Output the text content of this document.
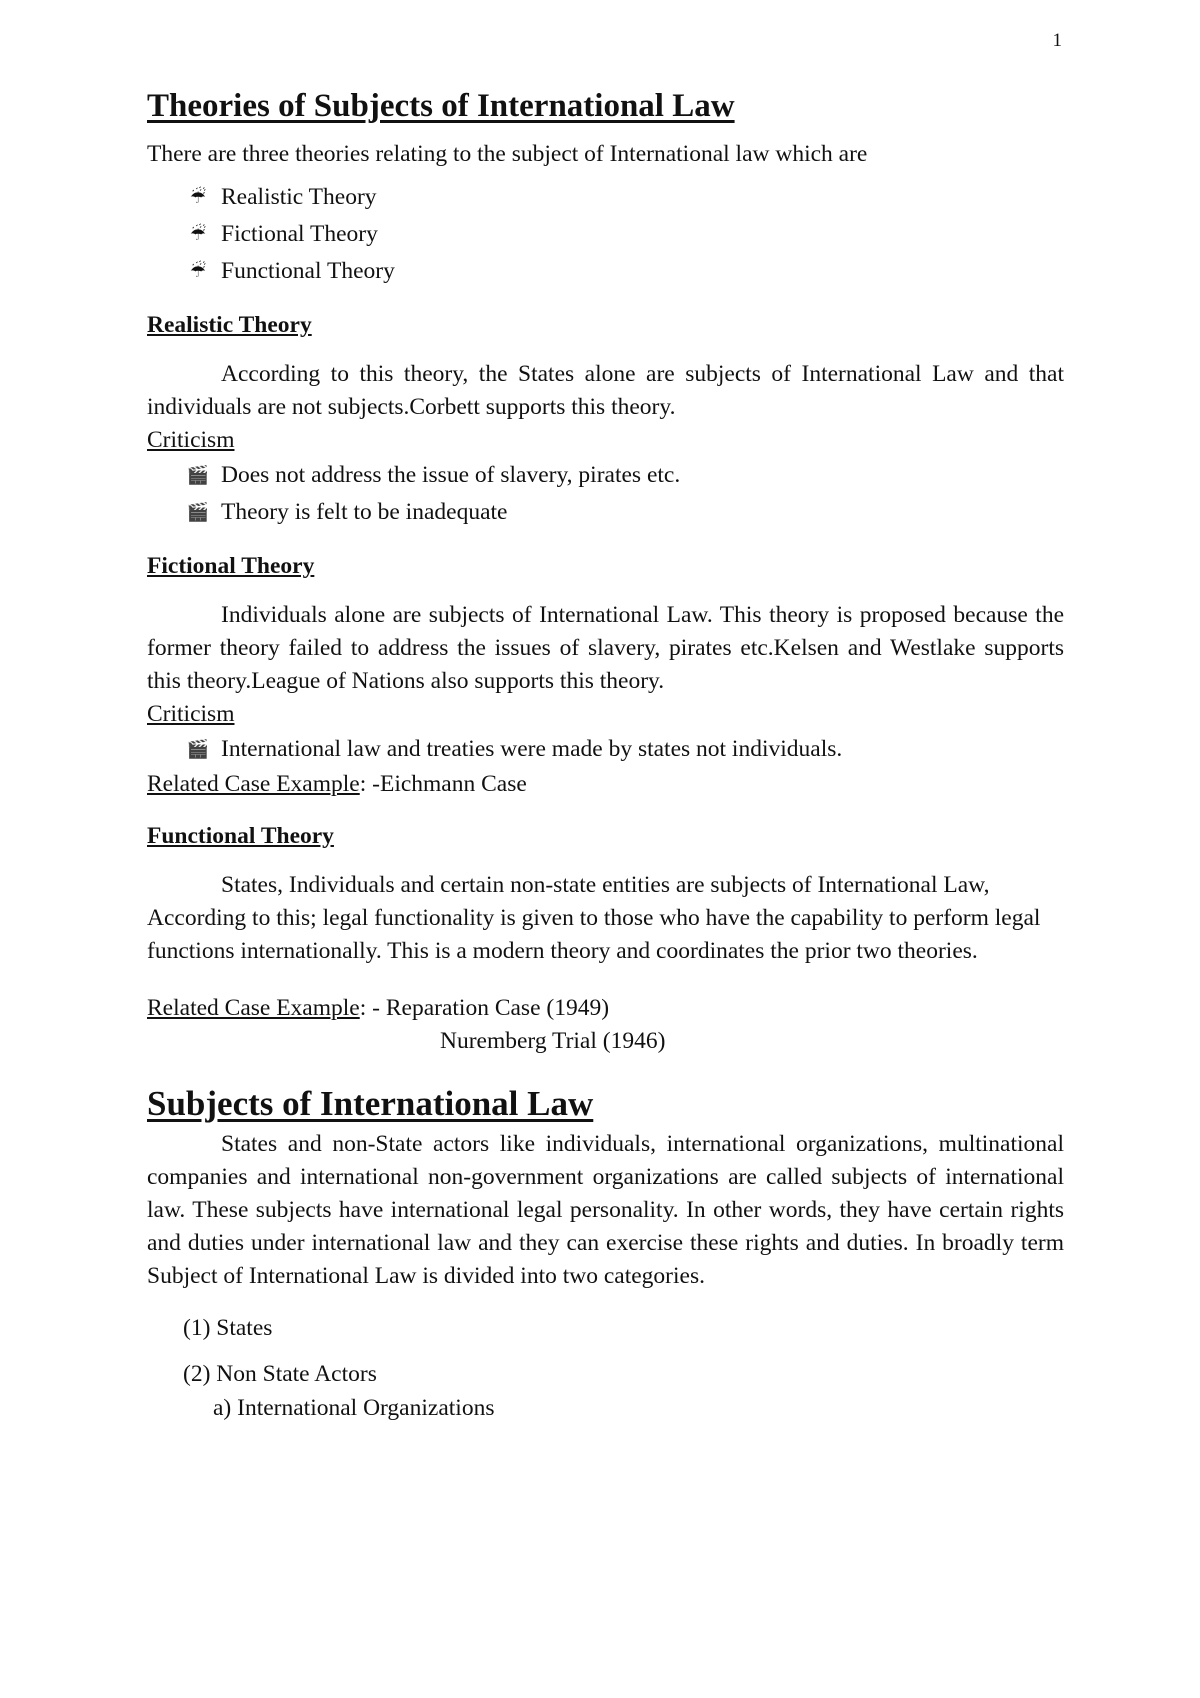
1
Theories of Subjects of International Law

There are three theories relating to the subject of International law which are

☔ Realistic Theory
☔ Fictional Theory
☔ Functional Theory
Realistic Theory

According to this theory, the States alone are subjects of International Law and that individuals are not subjects.Corbett supports this theory.

Criticism

🎬 Does not address the issue of slavery, pirates etc.
🎬 Theory is felt to be inadequate
Fictional Theory

Individuals alone are subjects of International Law. This theory is proposed because the former theory failed to address the issues of slavery, pirates etc.Kelsen and Westlake supports this theory.League of Nations also supports this theory.

Criticism

🎬 International law and treaties were made by states not individuals.

Related Case Example: -Eichmann Case

Functional Theory

States, Individuals and certain non-state entities are subjects of International Law, According to this; legal functionality is given to those who have the capability to perform legal functions internationally. This is a modern theory and coordinates the prior two theories.

Related Case Example: - Reparation Case (1949)

Nuremberg Trial (1946)

Subjects of International Law

States and non-State actors like individuals, international organizations, multinational companies and international non-government organizations are called subjects of international law. These subjects have international legal personality. In other words, they have certain rights and duties under international law and they can exercise these rights and duties. In broadly term Subject of International Law is divided into two categories.

(1) States
(2) Non State Actors
a) International Organizations
